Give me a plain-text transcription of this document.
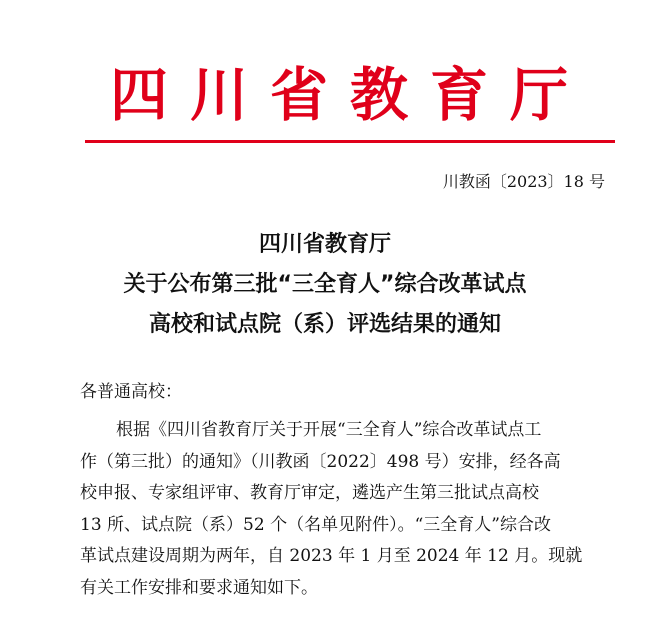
四川省教育厅
川教函〔2023〕18 号
四川省教育厅
关于公布第三批“三全育人”综合改革试点
高校和试点院（系）评选结果的通知
各普通高校：
根据《四川省教育厅关于开展“三全育人”综合改革试点工
作（第三批）的通知》（川教函〔2022〕498 号）安排，经各高
校申报、专家组评审、教育厅审定，遴选产生第三批试点高校
13 所、试点院（系）52 个（名单见附件）。“三全育人”综合改
革试点建设周期为两年，自 2023 年 1 月至 2024 年 12 月。现就
有关工作安排和要求通知如下。
